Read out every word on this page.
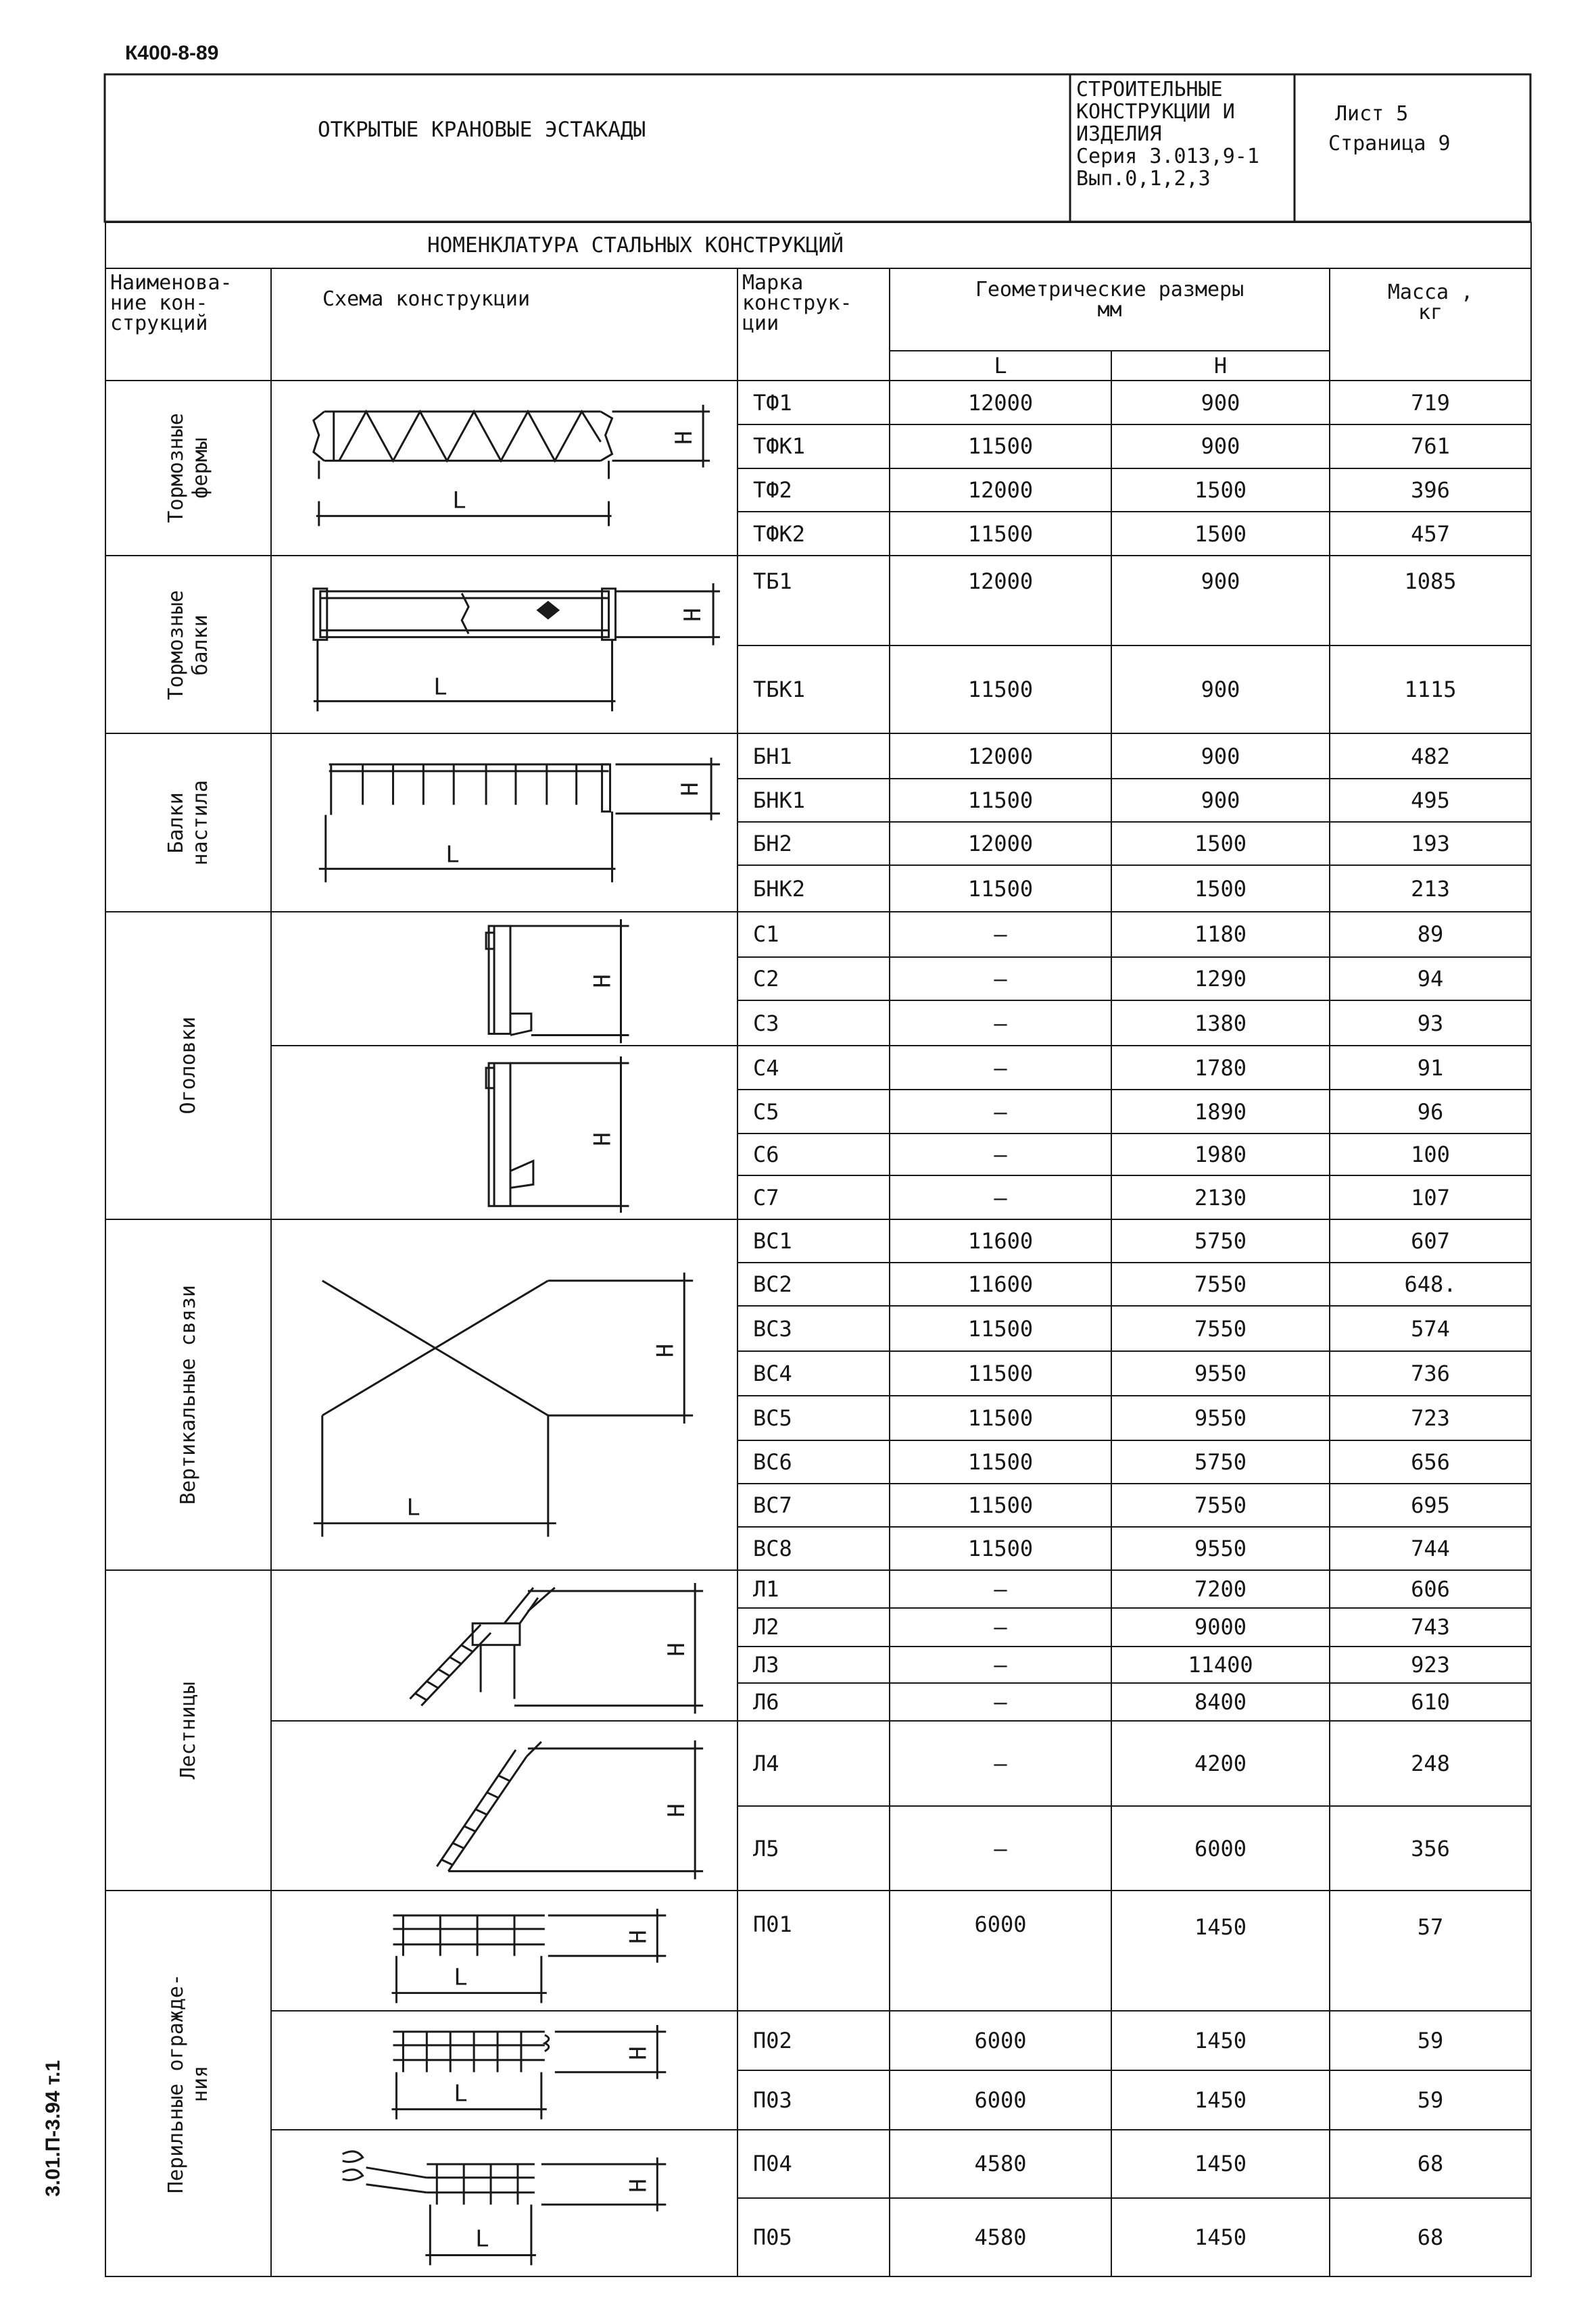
К400-8-89
3.01.П-3.94 т.1
ОТКРЫТЫЕ КРАНОВЫЕ ЭСТАКАДЫ
СТРОИТЕЛЬНЫЕ
КОНСТРУКЦИИ И
ИЗДЕЛИЯ
Серия 3.013,9-1
Вып.0,1,2,3
Лист 5
Страница 9
НОМЕНКЛАТУРА СТАЛЬНЫХ КОНСТРУКЦИЙ					
Наименова-
ние кон-
струкций	Схема конструкции	Марка
конструк-
ции	Геометрические размеры
мм		Масса ,
кг
			L	H	

Тормозные
фермы	L
H	ТФ1	12000	900	719
		ТФК1	11500	900	761
		ТФ2	12000	1500	396
		ТФК2	11500	1500	457

Тормозные
балки	L
H	ТБ1	12000	900	1085
		ТБК1	11500	900	1115

Балки
настила	L
H	БН1	12000	900	482
		БНК1	11500	900	495
		БН2	12000	1500	193
		БНК2	11500	1500	213

Оголовки	H	С1	–	1180	89
		С2	–	1290	94
		С3	–	1380	93

H	С4	–	1780	91
		С5	–	1890	96
		С6	–	1980	100
		С7	–	2130	107

Вертикальные связи	L
H	ВС1	11600	5750	607
		ВС2	11600	7550	648.
		ВС3	11500	7550	574
		ВС4	11500	9550	736
		ВС5	11500	9550	723
		ВС6	11500	5750	656
		ВС7	11500	7550	695
		ВС8	11500	9550	744

Лестницы	H	Л1	–	7200	606
		Л2	–	9000	743
		Л3	–	11400	923
		Л6	–	8400	610

H	Л4	–	4200	248
		Л5	–	6000	356

Перильные ограждe-
ния	L
H	П01	6000	1450	57

L
H	П02	6000	1450	59
		П03	6000	1450	59

L
H	П04	4580	1450	68
		П05	4580	1450	68
